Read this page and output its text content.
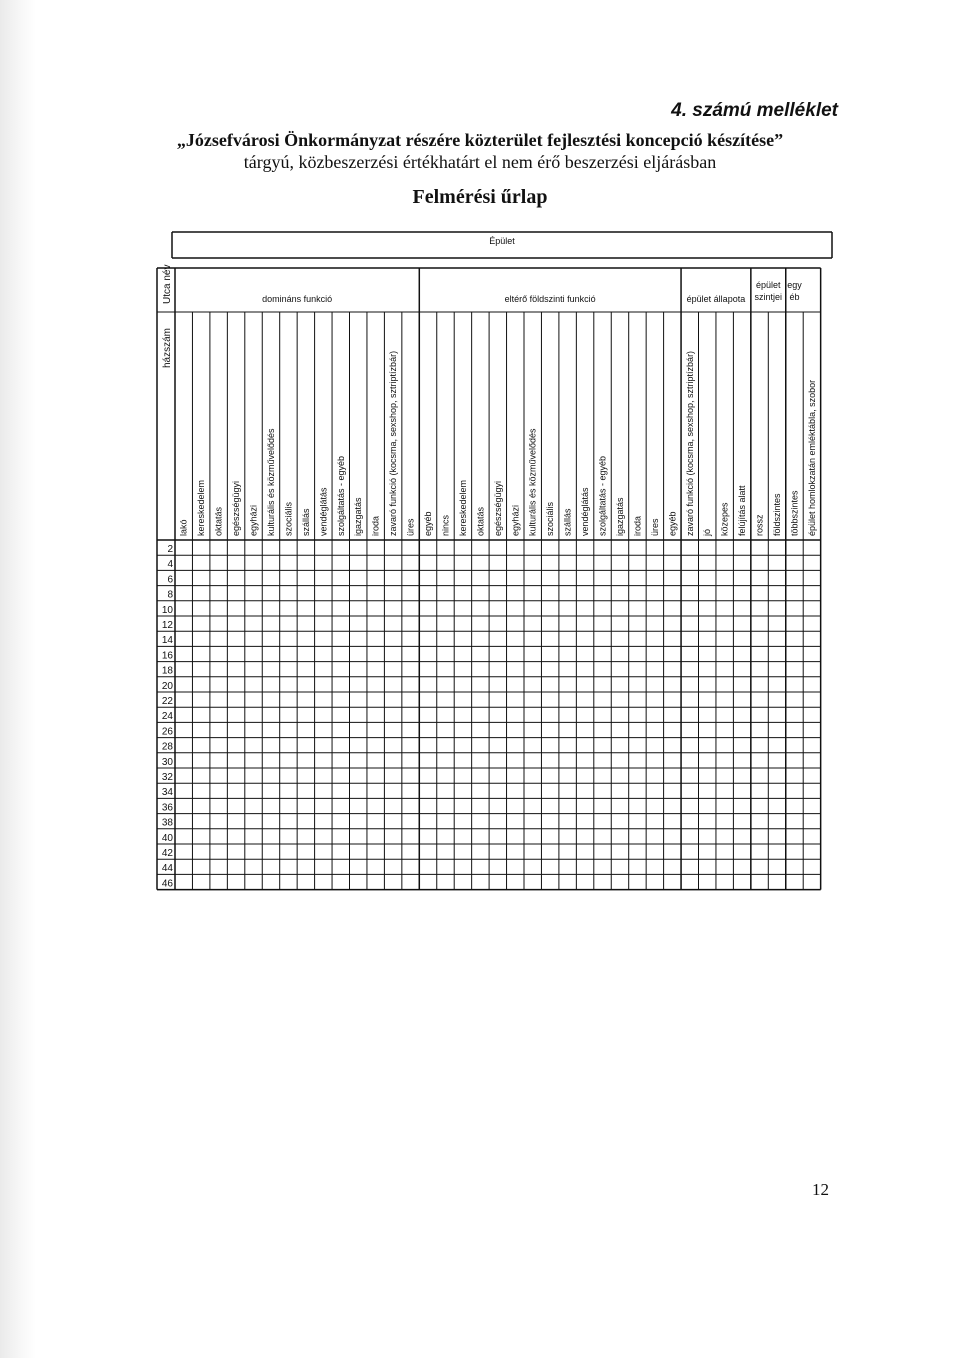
4. számú melléklet
„Józsefvárosi Önkormányzat részére közterület fejlesztési koncepció készítése”
tárgyú, közbeszerzési értékhatárt el nem érő beszerzési eljárásban
Felmérési űrlap
Épület
Utca név
házszám
domináns funkció	eltérő földszinti funkció	épület állapota
épület
szintjei
egy
éb
lakó kereskedelem oktatás egészségügyi egyházi kulturális és közművelődés szociális szállás vendéglátás szolgáltatás - egyéb igazgatás iroda zavaró funkció (kocsma, sexshop, sztriptízbár) üres egyéb nincs kereskedelem oktatás egészségügyi egyházi kulturális és közművelődés szociális szállás vendéglátás szolgáltatás - egyéb igazgatás iroda üres egyéb zavaró funkció (kocsma, sexshop, sztriptízbár) jó közepes felújítás alatt rossz földszintes többszintes épület homlokzatán emléktábla, szobor
2
4
6
8
10
12
14
16
18
20
22
24
26
28
30
32
34
36
38
40
42
44
46
12
